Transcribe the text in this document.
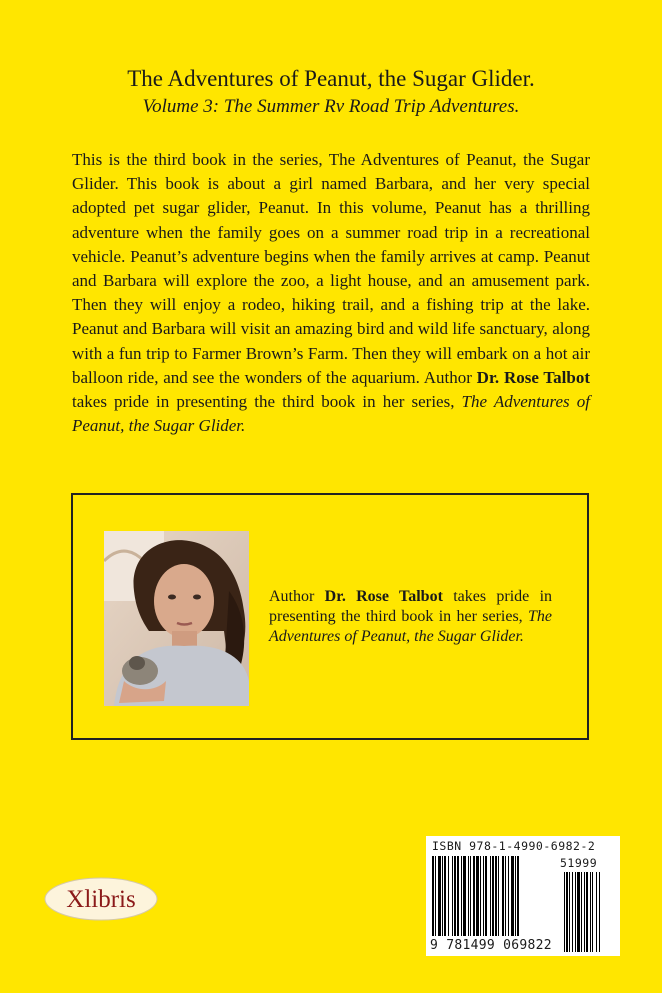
The Adventures of Peanut, the Sugar Glider.
Volume 3: The Summer Rv Road Trip Adventures.

This is the third book in the series, The Adventures of Peanut, the Sugar Glider. This book is about a girl named Barbara, and her very special adopted pet sugar glider, Peanut. In this volume, Peanut has a thrilling adventure when the family goes on a summer road trip in a recreational vehicle. Peanut’s adventure begins when the family arrives at camp. Peanut and Barbara will explore the zoo, a light house, and an amusement park. Then they will enjoy a rodeo, hiking trail, and a fishing trip at the lake. Peanut and Barbara will visit an amazing bird and wild life sanctuary, along with a fun trip to Farmer Brown’s Farm. Then they will embark on a hot air balloon ride, and see the wonders of the aquarium. Author Dr. Rose Talbot takes pride in presenting the third book in her series, The Adventures of Peanut, the Sugar Glider.

Author Dr. Rose Talbot takes pride in presenting the third book in her series, The Adventures of Peanut, the Sugar Glider.

Xlibris
ISBN 978-1-4990-6982-2
51999
9 781499 069822
